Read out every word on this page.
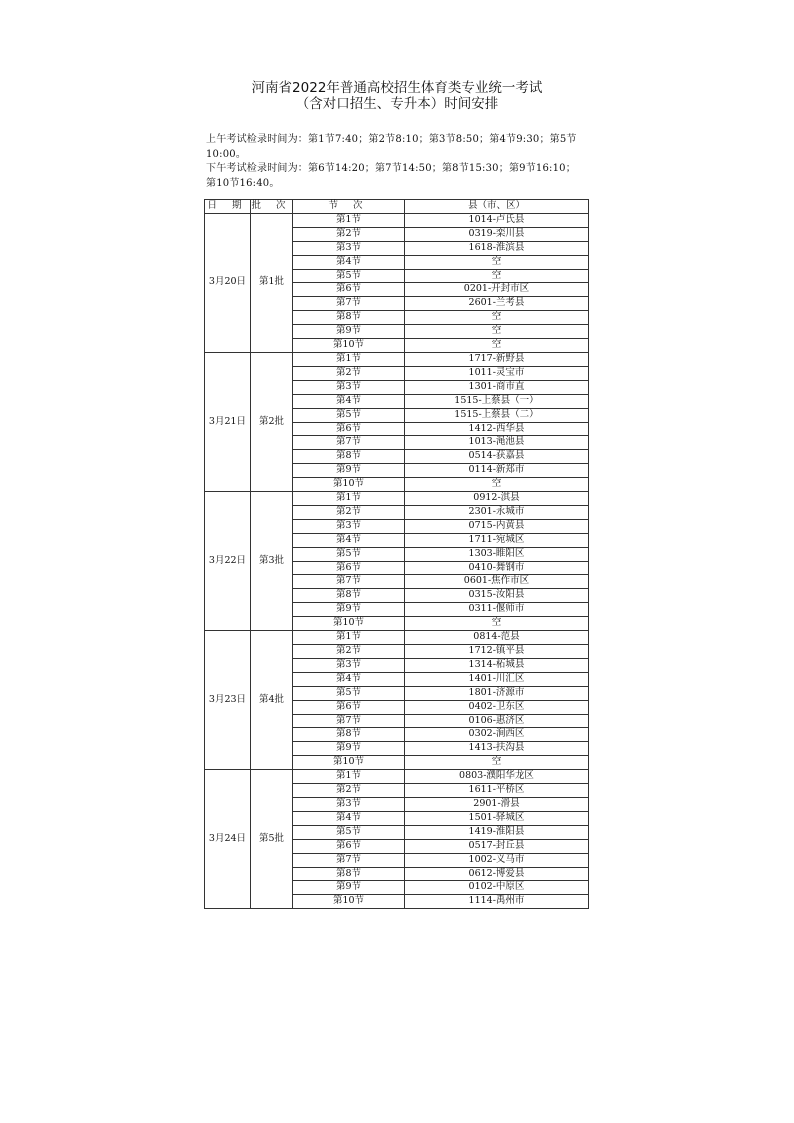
河南省2022年普通高校招生体育类专业统一考试
（含对口招生、专升本）时间安排
上午考试检录时间为：第1节7:40；第2节8:10；第3节8:50；第4节9:30；第5节10:00。
下午考试检录时间为：第6节14:20；第7节14:50；第8节15:30；第9节16:10；第10节16:40。
日 期	批 次	节 次	县（市、区）
3月20日	第1批	第1节	1014-卢氏县
		第2节	0319-栾川县
		第3节	1618-淮滨县
		第4节	空
		第5节	空
		第6节	0201-开封市区
		第7节	2601-兰考县
		第8节	空
		第9节	空
		第10节	空
3月21日	第2批	第1节	1717-新野县
		第2节	1011-灵宝市
		第3节	1301-商市直
		第4节	1515-上蔡县（一）
		第5节	1515-上蔡县（二）
		第6节	1412-西华县
		第7节	1013-渑池县
		第8节	0514-获嘉县
		第9节	0114-新郑市
		第10节	空
3月22日	第3批	第1节	0912-淇县
		第2节	2301-永城市
		第3节	0715-内黄县
		第4节	1711-宛城区
		第5节	1303-睢阳区
		第6节	0410-舞钢市
		第7节	0601-焦作市区
		第8节	0315-汝阳县
		第9节	0311-偃师市
		第10节	空
3月23日	第4批	第1节	0814-范县
		第2节	1712-镇平县
		第3节	1314-柘城县
		第4节	1401-川汇区
		第5节	1801-济源市
		第6节	0402-卫东区
		第7节	0106-惠济区
		第8节	0302-涧西区
		第9节	1413-扶沟县
		第10节	空
3月24日	第5批	第1节	0803-濮阳华龙区
		第2节	1611-平桥区
		第3节	2901-滑县
		第4节	1501-驿城区
		第5节	1419-淮阳县
		第6节	0517-封丘县
		第7节	1002-义马市
		第8节	0612-博爱县
		第9节	0102-中原区
		第10节	1114-禹州市
